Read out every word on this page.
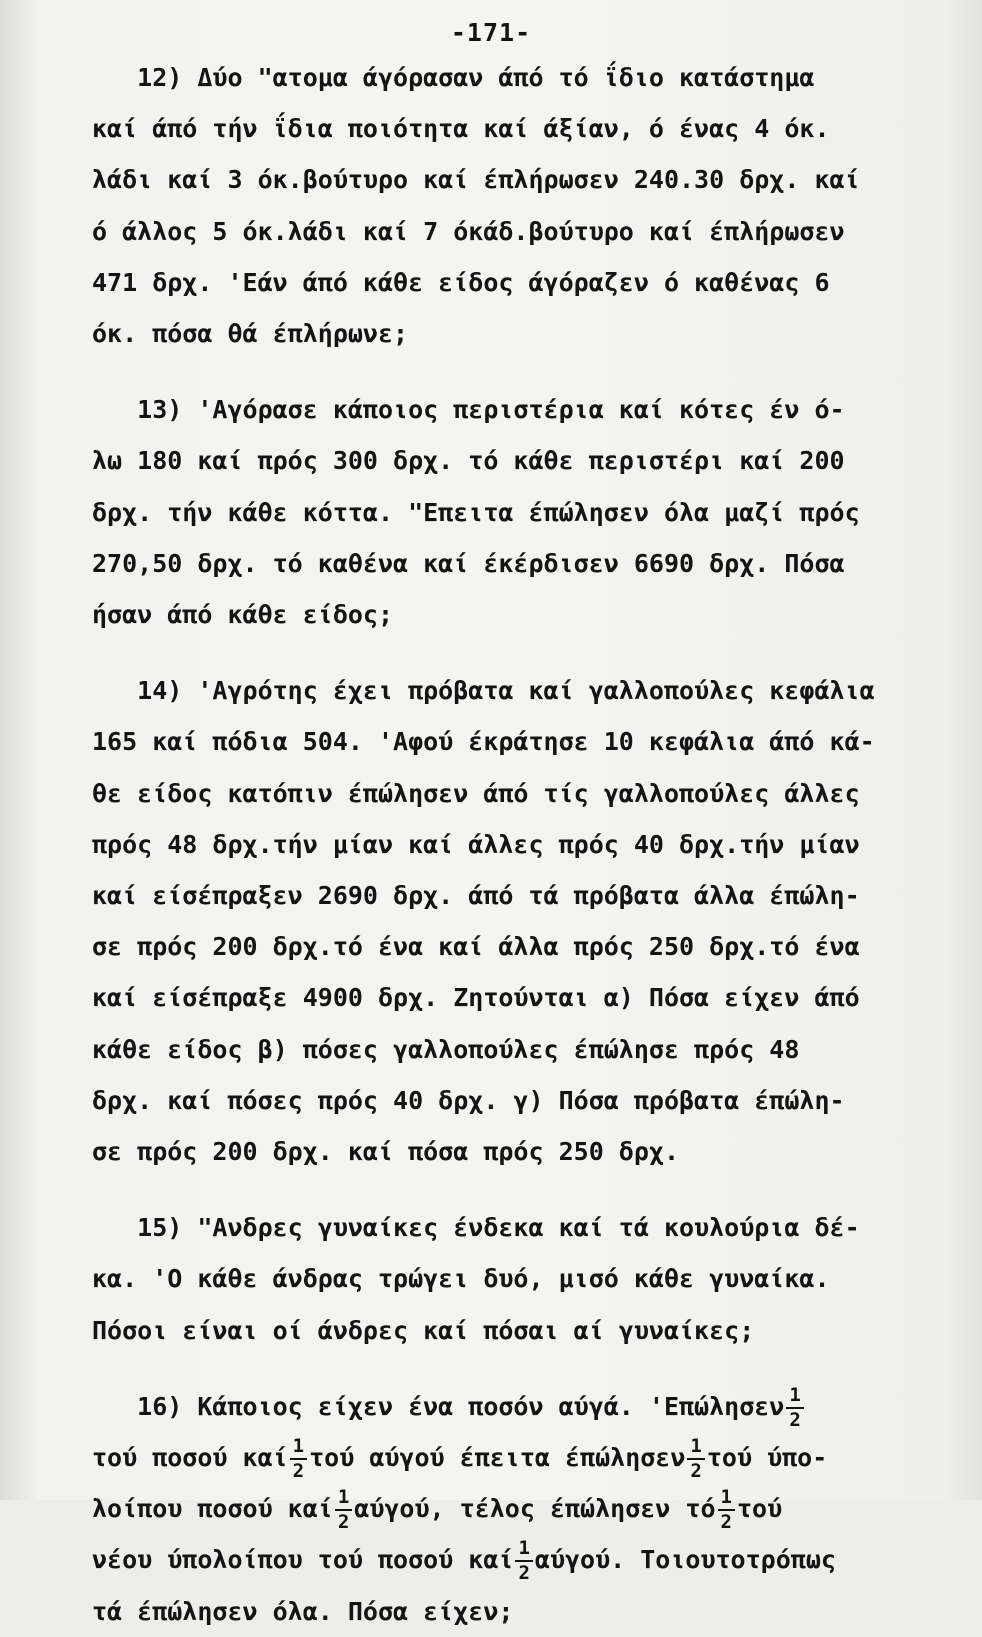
-171-
12) Δύο "ατομα άγόρασαν άπό τό ΐδιο κατάστημα
καί άπό τήν ΐδια ποιότητα καί άξίαν, ό ένας 4 όκ.
λάδι καί 3 όκ.βούτυρο καί έπλήρωσεν 240.30 δρχ. καί
ό άλλος 5 όκ.λάδι καί 7 όκάδ.βούτυρο καί έπλήρωσεν
471 δρχ. 'Εάν άπό κάθε είδος άγόραζεν ό καθένας 6
όκ. πόσα θά έπλήρωνε;
13) 'Αγόρασε κάποιος περιστέρια καί κότες έν ό-
λω 180 καί πρός 300 δρχ. τό κάθε περιστέρι καί 200
δρχ. τήν κάθε κόττα. "Επειτα έπώλησεν όλα μαζί πρός
270,50 δρχ. τό καθένα καί έκέρδισεν 6690 δρχ. Πόσα
ήσαν άπό κάθε είδος;
14) 'Αγρότης έχει πρόβατα καί γαλλοπούλες κεφάλια
165 καί πόδια 504. 'Αφού έκράτησε 10 κεφάλια άπό κά-
θε είδος κατόπιν έπώλησεν άπό τίς γαλλοπούλες άλλες
πρός 48 δρχ.τήν μίαν καί άλλες πρός 40 δρχ.τήν μίαν
καί είσέπραξεν 2690 δρχ. άπό τά πρόβατα άλλα έπώλη-
σε πρός 200 δρχ.τό ένα καί άλλα πρός 250 δρχ.τό ένα
καί είσέπραξε 4900 δρχ. Ζητούνται α) Πόσα είχεν άπό
κάθε είδος β) πόσες γαλλοπούλες έπώλησε πρός 48
δρχ. καί πόσες πρός 40 δρχ. γ) Πόσα πρόβατα έπώλη-
σε πρός 200 δρχ. καί πόσα πρός 250 δρχ.
15) "Ανδρες γυναίκες ένδεκα καί τά κουλούρια δέ-
κα. 'Ο κάθε άνδρας τρώγει δυό, μισό κάθε γυναίκα.
Πόσοι είναι οί άνδρες καί πόσαι αί γυναίκες;
16) Κάποιος είχεν ένα ποσόν αύγά. '$E\pi ώ\lambda\eta\sigma\varepsilon\nu \frac{1}{2}$
τού ποσού καί $\frac{1}{2}$ τού αύγού έπειτα έπώλησεν $\frac{1}{2}$ τού ύπο-
λοίπου ποσού καί $\frac{1}{2} \alpha ύ\gamma oύ$, τέλος έπώλησεν τό $\frac{1}{2}$ τού
νέου ύπολοίπου τού ποσού καί $\frac{1}{2} \alpha ύ\gamma oύ$. Τοιουτοτρόπως
τά έπώλησεν όλα. Πόσα είχεν;
